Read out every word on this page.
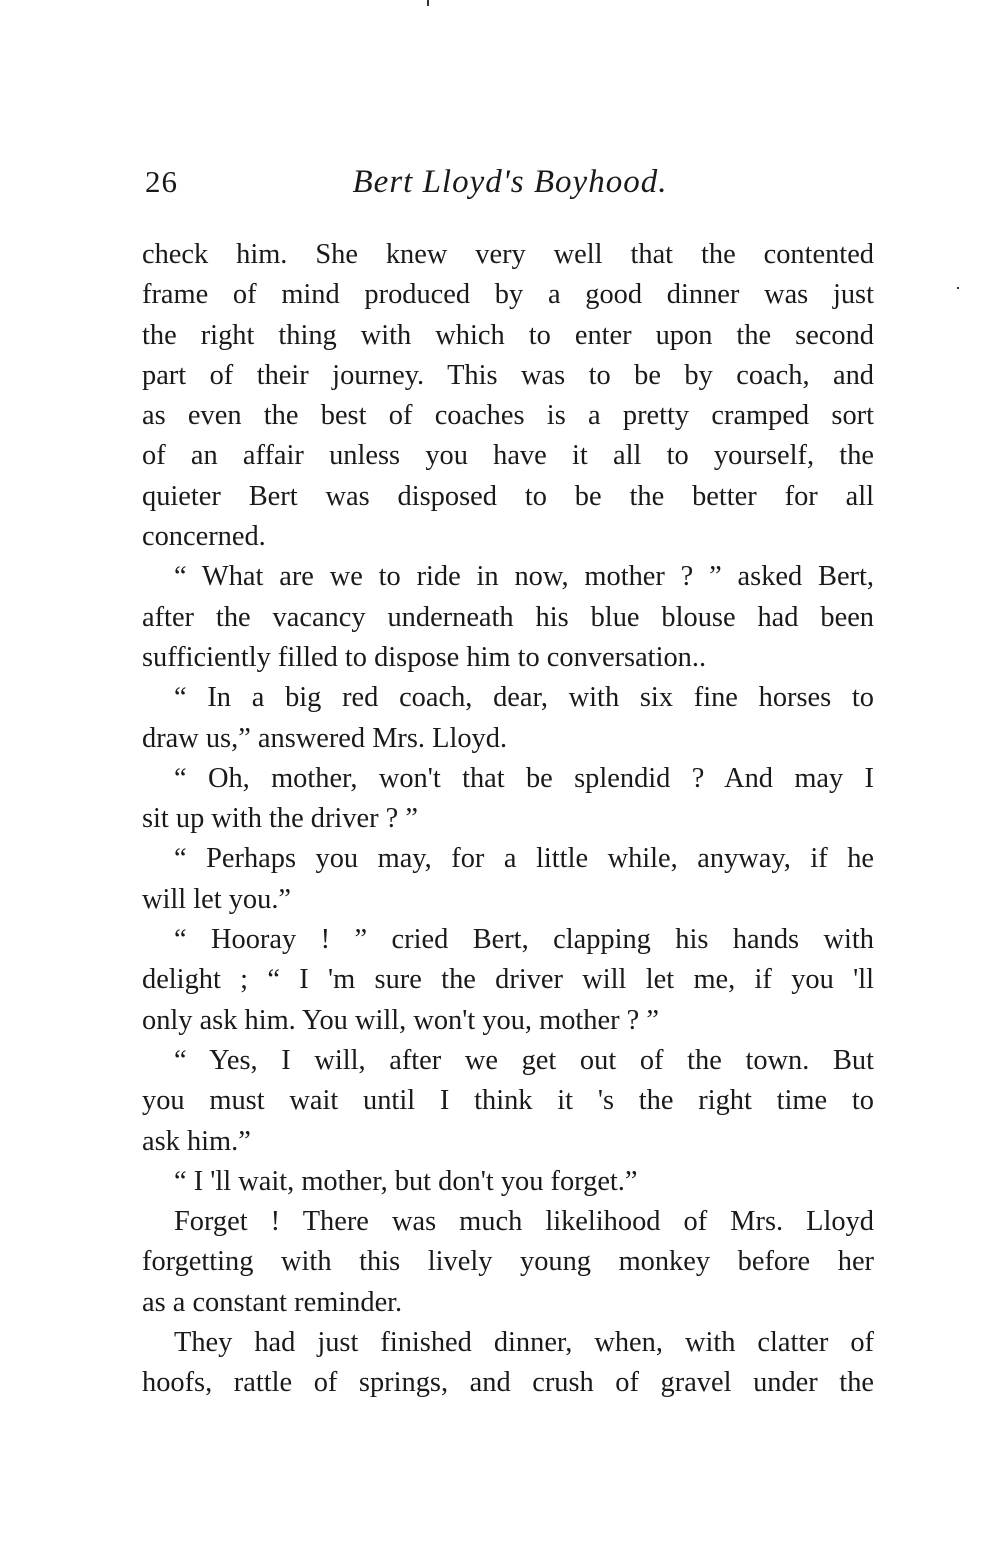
26	Bert Lloyd's Boyhood.
check him. She knew very well that the contented
frame of mind produced by a good dinner was just
the right thing with which to enter upon the second
part of their journey. This was to be by coach, and
as even the best of coaches is a pretty cramped sort
of an affair unless you have it all to yourself, the
quieter Bert was disposed to be the better for all
concerned.
“ What are we to ride in now, mother ? ” asked Bert,
after the vacancy underneath his blue blouse had been
sufficiently filled to dispose him to conversation..
“ In a big red coach, dear, with six fine horses to
draw us,” answered Mrs. Lloyd.
“ Oh, mother, won't that be splendid ? And may I
sit up with the driver ? ”
“ Perhaps you may, for a little while, anyway, if he
will let you.”
“ Hooray ! ” cried Bert, clapping his hands with
delight ; “ I 'm sure the driver will let me, if you 'll
only ask him. You will, won't you, mother ? ”
“ Yes, I will, after we get out of the town. But
you must wait until I think it 's the right time to
ask him.”
“ I 'll wait, mother, but don't you forget.”
Forget ! There was much likelihood of Mrs. Lloyd
forgetting with this lively young monkey before her
as a constant reminder.
They had just finished dinner, when, with clatter of
hoofs, rattle of springs, and crush of gravel under the
